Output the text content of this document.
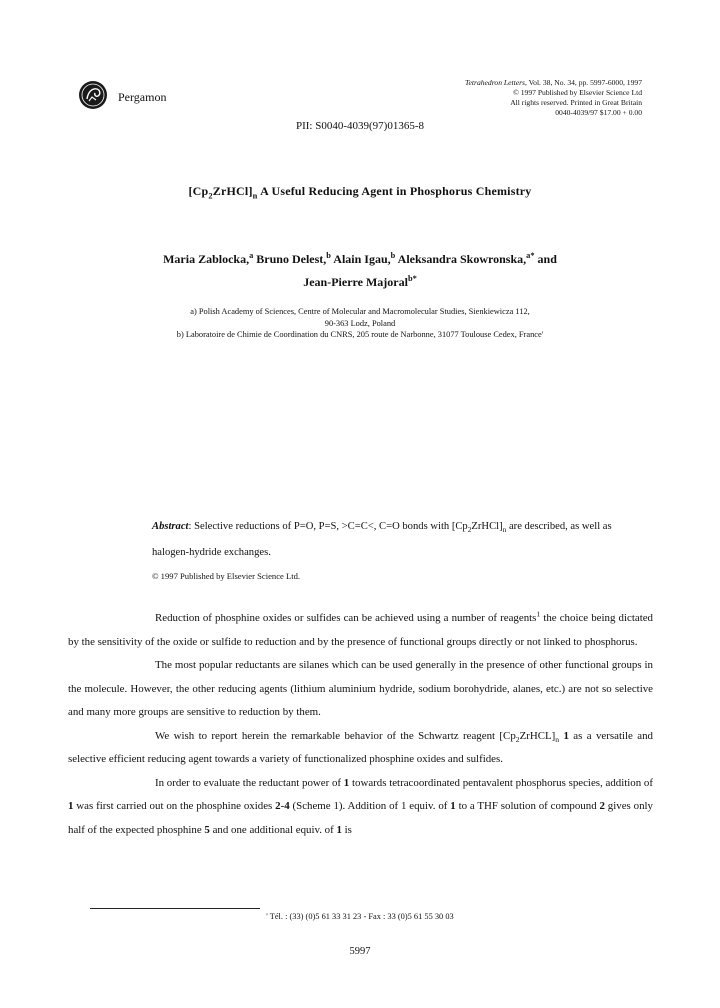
Pergamon
Tetrahedron Letters, Vol. 38, No. 34, pp. 5997-6000, 1997
© 1997 Published by Elsevier Science Ltd
All rights reserved. Printed in Great Britain
0040-4039/97 $17.00 + 0.00
PII: S0040-4039(97)01365-8
$[Cp_2ZrHCl]_n$ A Useful Reducing Agent in Phosphorus Chemistry
Maria Zablocka,$^a$ Bruno Delest,$^b$ Alain Igau,$^b$ Aleksandra Skowronska,$^{a*}$ and
Jean-Pierre Majoral$^{b*}$
a) Polish Academy of Sciences, Centre of Molecular and Macromolecular Studies, Sienkiewicza 112,
90-363 Lodz, Poland
b) Laboratoire de Chimie de Coordination du CNRS, 205 route de Narbonne, 31077 Toulouse Cedex, France'
Abstract: Selective reductions of P=O, P=S, >C=C<, C=O bonds with $[Cp_2ZrHCl]_n$ are described, as well as halogen-hydride exchanges.
© 1997 Published by Elsevier Science Ltd.

Reduction of phosphine oxides or sulfides can be achieved using a number of reagents$^1$ the choice being dictated by the sensitivity of the oxide or sulfide to reduction and by the presence of functional groups directly or not linked to phosphorus.

The most popular reductants are silanes which can be used generally in the presence of other functional groups in the molecule. However, the other reducing agents (lithium aluminium hydride, sodium borohydride, alanes, etc.) are not so selective and many more groups are sensitive to reduction by them.

We wish to report herein the remarkable behavior of the Schwartz reagent $[Cp_2ZrHCL]_n$ 1 as a versatile and selective efficient reducing agent towards a variety of functionalized phosphine oxides and sulfides.

In order to evaluate the reductant power of 1 towards tetracoordinated pentavalent phosphorus species, addition of 1 was first carried out on the phosphine oxides 2-4 (Scheme 1). Addition of 1 equiv. of 1 to a THF solution of compound 2 gives only half of the expected phosphine 5 and one additional equiv. of 1 is

' Tél. : (33) (0)5 61 33 31 23 - Fax : 33 (0)5 61 55 30 03
5997
